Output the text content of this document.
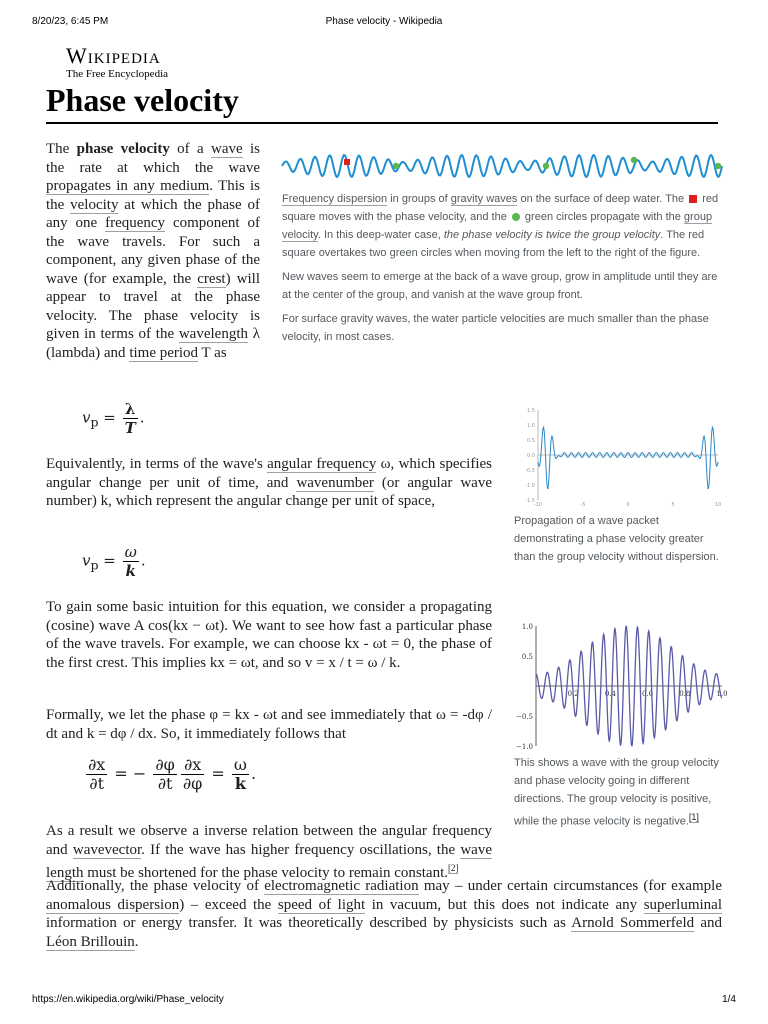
8/20/23, 6:45 PM	Phase velocity - Wikipedia
Wikipedia
The Free Encyclopedia
Phase velocity

The phase velocity of a wave is the rate at which the wave propagates in any medium. This is the velocity at which the phase of any one frequency component of the wave travels. For such a component, any given phase of the wave (for example, the crest) will appear to travel at the phase velocity. The phase velocity is given in terms of the wavelength λ (lambda) and time period T as

$v_p = \frac{\lambda}{T}$ .

Equivalently, in terms of the wave's angular frequency ω, which specifies angular change per unit of time, and wavenumber (or angular wave number) k, which represent the angular change per unit of space,

$v_p = \frac{\omega}{k}$ .

To gain some basic intuition for this equation, we consider a propagating (cosine) wave A cos(kx − ωt). We want to see how fast a particular phase of the wave travels. For example, we can choose kx - ωt = 0, the phase of the first crest. This implies kx = ωt, and so v = x / t = ω / k.

Formally, we let the phase φ = kx - ωt and see immediately that ω = -dφ / dt and k = dφ / dx. So, it immediately follows that

$\frac{\partial x}{\partial t}$ = − $\frac{\partial\varphi}{\partial t} \frac{\partial x}{\partial\varphi} = \frac{\omega}{k}$ .

As a result we observe a inverse relation between the angular frequency and wavevector. If the wave has higher frequency oscillations, the wave length must be shortened for the phase velocity to remain constant.[2]

Additionally, the phase velocity of electromagnetic radiation may – under certain circumstances (for example anomalous dispersion) – exceed the speed of light in vacuum, but this does not indicate any superluminal information or energy transfer. It was theoretically described by physicists such as Arnold Sommerfeld and Léon Brillouin.

Frequency dispersion in groups of gravity waves on the surface of deep water. The  red square moves with the phase velocity, and the  green circles propagate with the group velocity. In this deep-water case, the phase velocity is twice the group velocity. The red square overtakes two green circles when moving from the left to the right of the figure.

New waves seem to emerge at the back of a wave group, grow in amplitude until they are at the center of the group, and vanish at the wave group front.

For surface gravity waves, the water particle velocities are much smaller than the phase velocity, in most cases.

1.5
1.0
0.5
0.0
-0.5
-1.0
-1.5
-10	-5	0	5	10

Propagation of a wave packet demonstrating a phase velocity greater than the group velocity without dispersion.

1.0
0.5
−0.5
−1.0
0.2	0.4	0.6	0.8	1.0

This shows a wave with the group velocity and phase velocity going in different directions. The group velocity is positive, while the phase velocity is negative.[1]

https://en.wikipedia.org/wiki/Phase_velocity	1/4
